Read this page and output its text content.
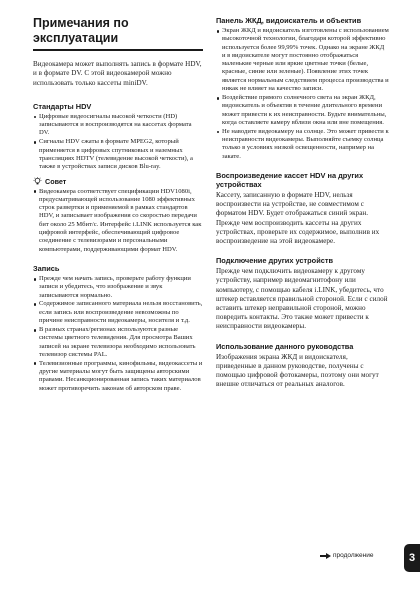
Примечания по эксплуатации

Видеокамера может выполнять запись в формате HDV, и в формате DV. С этой видеокамерой можно использовать только кассеты miniDV.

Стандарты HDV
Цифровые видеосигналы высокой четкости (HD) записываются и воспроизводятся на кассетах формата DV.
Сигналы HDV сжаты в формате MPEG2, который применяется в цифровых спутниковых и наземных трансляциях HDTV (телевидение высокой четкости), а также в устройствах записи дисков Blu-ray.
Совет
Видеокамера соответствует спецификации HDV1080i, предусматривающей использование 1080 эффективных строк развертки и применяемой в рамках стандартов HDV, и записывает изображения со скоростью передачи бит около 25 Мбит/с. Интерфейс i.LINK используется как цифровой интерфейс, обеспечивающий цифровое соединение с телевизорами и персональными компьютерами, поддерживающими формат HDV.
Запись
Прежде чем начать запись, проверьте работу функции записи и убедитесь, что изображение и звук записываются нормально.
Содержимое записанного материала нельзя восстановить, если запись или воспроизведение невозможны по причине неисправности видеокамеры, носителя и т.д.
В разных странах/регионах используются разные системы цветного телевидения. Для просмотра Ваших записей на экране телевизора необходимо использовать телевизор системы PAL.
Телевизионные программы, кинофильмы, видеокассеты и другие материалы могут быть защищены авторскими правами. Несанкционированная запись таких материалов может противоречить законам об авторском праве.
Панель ЖКД, видоискатель и объектив
Экран ЖКД и видоискатель изготовлены с использованием высокоточной технологии, благодаря которой эффективно используется более 99,99% точек. Однако на экране ЖКД и в видоискателе могут постоянно отображаться маленькие черные или яркие цветные точки (белые, красные, синие или зеленые). Появление этих точек является нормальным следствием процесса производства и никак не влияет на качество записи.
Воздействие прямого солнечного света на экран ЖКД, видоискатель и объектив в течение длительного времени может привести к их неисправности. Будьте внимательны, когда оставляете камеру вблизи окна или вне помещения.
Не наводите видеокамеру на солнце. Это может привести к неисправности видеокамеры. Выполняйте съемку солнца только в условиях низкой освещенности, например на закате.
Воспроизведение кассет HDV на других устройствах

Кассету, записанную в формате HDV, нельзя воспроизвести на устройстве, не совместимом с форматом HDV. Будет отображаться синий экран.
Прежде чем воспроизводить кассеты на других устройствах, проверьте их содержимое, выполнив их воспроизведение на этой видеокамере.

Подключение других устройств

Прежде чем подключить видеокамеру к другому устройству, например видеомагнитофону или компьютеру, с помощью кабеля i.LINK, убедитесь, что штекер вставляется правильной стороной. Если с силой вставить штекер неправильной стороной, можно повредить контакты. Это также может привести к неисправности видеокамеры.

Использование данного руководства

Изображения экрана ЖКД и видоискателя, приведенные в данном руководстве, получены с помощью цифровой фотокамеры, поэтому они могут внешне отличаться от реальных аналогов.

продолжение	3
